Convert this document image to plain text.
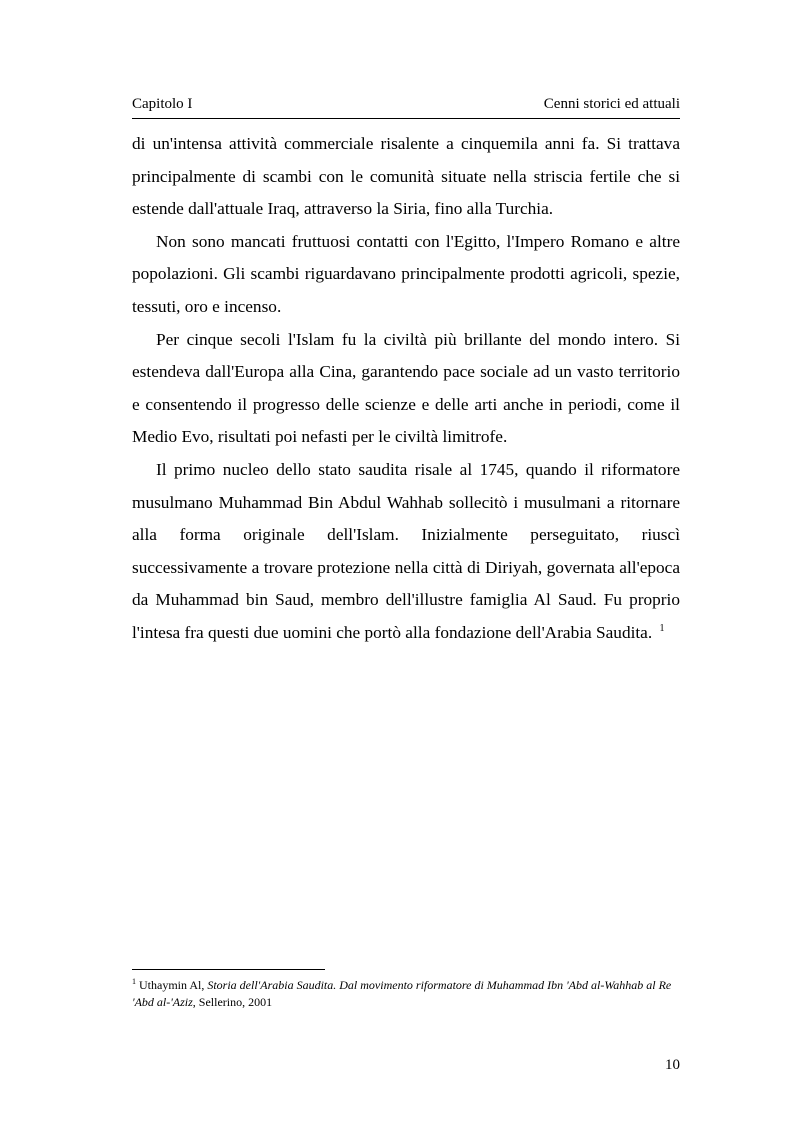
Capitolo I	Cenni storici ed attuali

di un'intensa attività commerciale risalente a cinquemila anni fa. Si trattava principalmente di scambi con le comunità situate nella striscia fertile che si estende dall'attuale Iraq, attraverso la Siria, fino alla Turchia.

Non sono mancati fruttuosi contatti con l'Egitto, l'Impero Romano e altre popolazioni. Gli scambi riguardavano principalmente prodotti agricoli, spezie, tessuti, oro e incenso.

Per cinque secoli l'Islam fu la civiltà più brillante del mondo intero. Si estendeva dall'Europa alla Cina, garantendo pace sociale ad un vasto territorio e consentendo il progresso delle scienze e delle arti anche in periodi, come il Medio Evo, risultati poi nefasti per le civiltà limitrofe.

Il primo nucleo dello stato saudita risale al 1745, quando il riformatore musulmano Muhammad Bin Abdul Wahhab sollecitò i musulmani a ritornare alla forma originale dell'Islam. Inizialmente perseguitato, riuscì successivamente a trovare protezione nella città di Diriyah, governata all'epoca da Muhammad bin Saud, membro dell'illustre famiglia Al Saud. Fu proprio l'intesa fra questi due uomini che portò alla fondazione dell'Arabia Saudita. $^1$

$^1$ Uthaymin Al, Storia dell'Arabia Saudita. Dal movimento riformatore di Muhammad Ibn 'Abd al-Wahhab al Re 'Abd al-'Aziz, Sellerino, 2001
10
